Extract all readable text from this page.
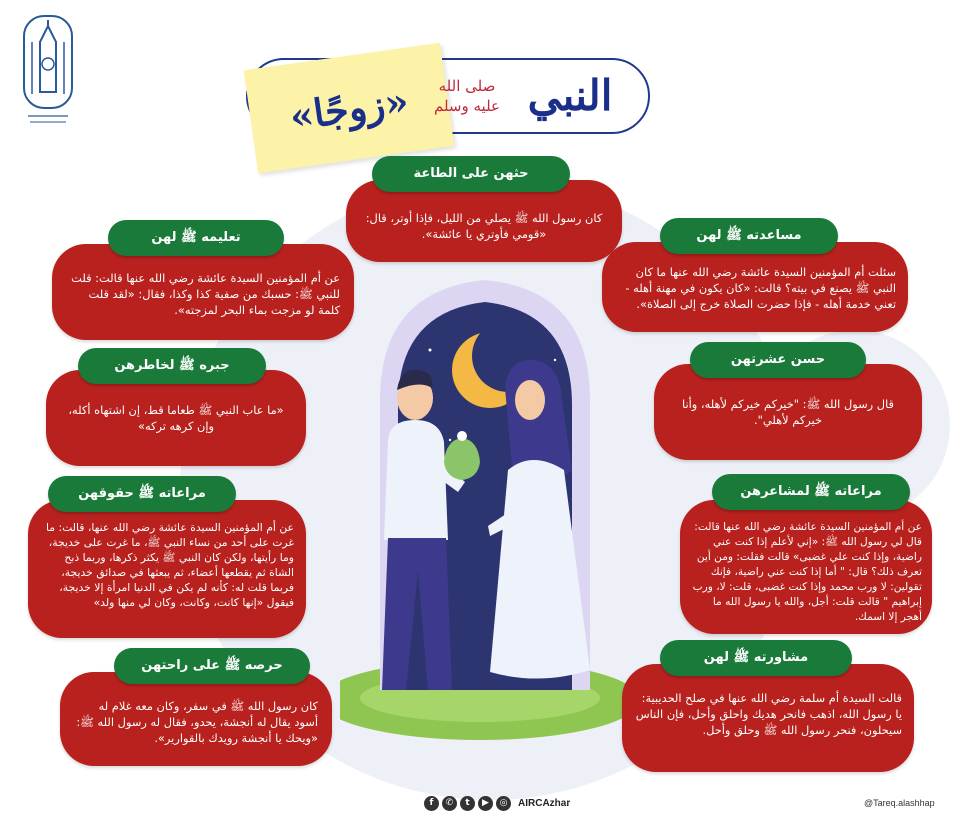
«زوجًا»	صلى الله عليه وسلم النبي
كان رسول الله ﷺ يصلي من الليل، فإذا أوتر، قال: «قومي فأوتري يا عائشة».
حثهن على الطاعة
سئلت أم المؤمنين السيدة عائشة رضي الله عنها ما كان النبي ﷺ يصنع في بيته؟ قالت: «كان يكون في مهنة أهله - تعني خدمة أهله - فإذا حضرت الصلاة خرج إلى الصلاة».
مساعدته ﷺ لهن
عن أم المؤمنين السيدة عائشة رضي الله عنها قالت: قلت للنبي ﷺ: حسبك من صفية كذا وكذا، فقال: «لقد قلت كلمة لو مزجت بماء البحر لمزجته».
تعليمه ﷺ لهن
قال رسول الله ﷺ: "خيركم خيركم لأهله، وأنا خيركم لأهلي".
حسن عشرتهن
«ما عاب النبي ﷺ طعاما قط، إن اشتهاه أكله، وإن كرهه تركه»
جبره ﷺ لخاطرهن
عن أم المؤمنين السيدة عائشة رضي الله عنها قالت: قال لي رسول الله ﷺ: «إني لأعلم إذا كنت عني راضية، وإذا كنت علي غضبى» قالت فقلت: ومن أين تعرف ذلك؟ قال: " أما إذا كنت عني راضية، فإنك تقولين: لا ورب محمد وإذا كنت غضبى، قلت: لا، ورب إبراهيم " قالت قلت: أجل، والله يا رسول الله ما أهجر إلا اسمك.
مراعاته ﷺ لمشاعرهن
عن أم المؤمنين السيدة عائشة رضي الله عنها، قالت: ما غرت على أحد من نساء النبي ﷺ، ما غرت على خديجة، وما رأيتها، ولكن كان النبي ﷺ يكثر ذكرها، وربما ذبح الشاة ثم يقطعها أعضاء، ثم يبعثها في صدائق خديجة، فربما قلت له: كأنه لم يكن في الدنيا امرأة إلا خديجة، فيقول «إنها كانت، وكانت، وكان لي منها ولد»
مراعاته ﷺ حقوقهن
قالت السيدة أم سلمة رضي الله عنها في صلح الحديبية: يا رسول الله، اذهب فانحر هديك واحلق وأحل، فإن الناس سيحلون، فنحر رسول الله ﷺ وحلق وأحل.
مشاورته ﷺ لهن
كان رسول الله ﷺ في سفر، وكان معه غلام له أسود يقال له أنجشة، يحدو، فقال له رسول الله ﷺ: «ويحك يا أنجشة رويدك بالقوارير».
حرصه ﷺ على راحتهن
f	✆	t	▶	◎	AIRCAzhar	@Tareq.alashhap
